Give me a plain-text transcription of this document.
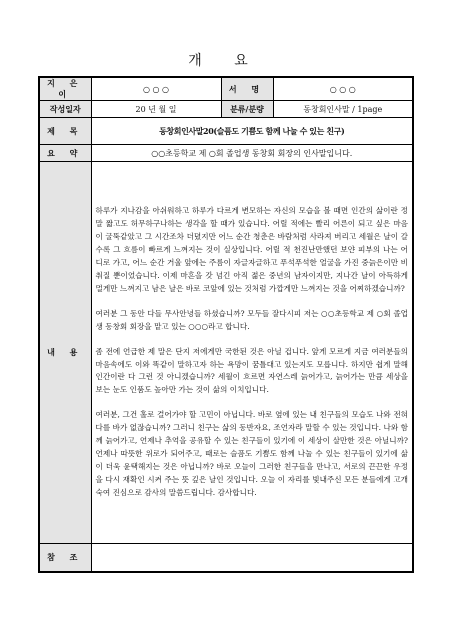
개 요
지 은 이	○ ○ ○	서 명	○ ○ ○
작성일자	20 년 월 일	분류/분량	동창회인사말 / 1page
제 목	동창회인사말20(슬픔도 기쁨도 함께 나눌 수 있는 친구)		
요 약	○○초등학교 제 ○회 졸업생 동창회 회장의 인사말입니다.		
내 용	하루가 지나감을 아쉬워하고 하루가 다르게 변모하는 자신의 모습을 볼 때면 인간의 삶이란 정말 짧고도 허무하구나하는 생각을 할 때가 있습니다. 어릴 적에는 빨리 어른이 되고 싶은 마음이 굴뚝같았고 그 시간조차 더뎠지만 어느 순간 청춘은 바람처럼 사라져 버리고 세월은 날이 갈수록 그 흐름이 빠르게 느껴지는 것이 실상입니다. 어릴 적 천진난만했던 보얀 피부의 나는 어디로 가고, 어느 순간 거울 앞에는 주름이 자글자글하고 푸석푸석한 얼굴을 가진 중늙은이만 비춰질 뿐이었습니다. 이제 마흔을 갓 넘긴 아직 젊은 중년의 남자이지만, 지나간 날이 아득하게 멀게만 느껴지고 남은 날은 바로 코앞에 있는 것처럼 가깝게만 느껴지는 것을 어찌하겠습니까?

여러분 그 동안 다들 무사안녕들 하셨습니까? 모두들 잘다시피 저는 ○○초등학교 제 ○회 졸업생 동창회 회장을 맡고 있는 ○○○라고 합니다.

좀 전에 언급한 제 말은 단지 저에게만 국한된 것은 아닐 겁니다. 앞게 모르게 지금 여러분들의 마음속에도 이와 똑같이 말하고자 하는 욕망이 꿈틀대고 있는지도 모릅니다. 하지만 쉽게 말해 인간이란 다 그런 것 아니겠습니까? 세월이 흐르면 자연스레 늙어가고, 늙어가는 만큼 세상을 보는 눈도 인품도 높아만 가는 것이 삶의 이치입니다.

여러분, 그건 홀로 걸어가야 할 고민이 아닙니다. 바로 옆에 있는 내 친구들의 모습도 나와 전혀 다를 바가 없잖습니까? 그러니 친구는 삶의 동반자요, 조언자라 말할 수 있는 것입니다. 나와 함께 늙어가고, 언제나 추억을 공유할 수 있는 친구들이 있기에 이 세상이 살만한 것은 아닐니까? 언제나 따뜻한 위로가 되어주고, 때로는 슬픔도 기쁨도 함께 나눌 수 있는 친구들이 있기에 삶이 더욱 윤택해지는 것은 아닙니까? 바로 오늘이 그러한 친구들을 만나고, 서로의 끈끈한 우정을 다시 재확인 시켜 주는 뜻 깊은 날인 것입니다. 오늘 이 자리를 빛내주신 모든 분들에게 고개 숙여 진심으로 감사의 말씀드립니다. 감사합니다.		

참 조			
